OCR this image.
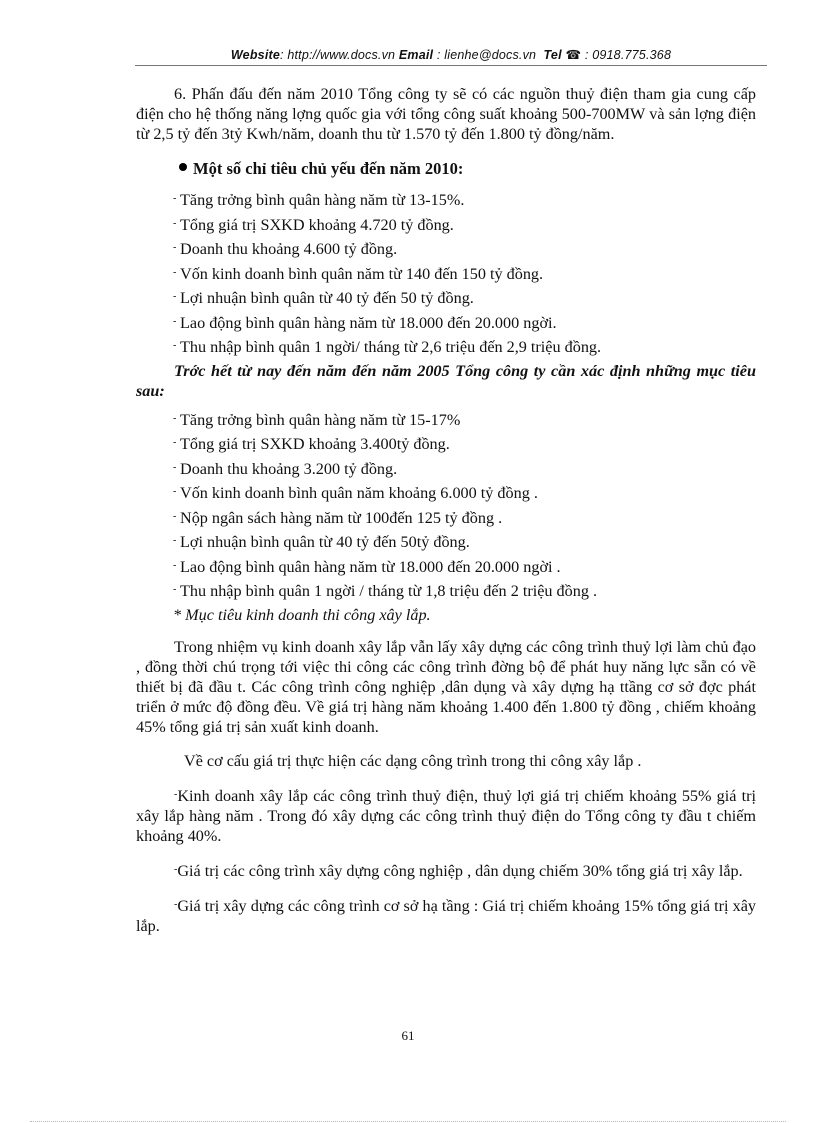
Website: http://www.docs.vn Email : lienhe@docs.vn Tel ☎ : 0918.775.368

6. Phấn đấu đến năm 2010 Tổng công ty sẽ có các nguồn thuỷ điện tham gia cung cấp điện cho hệ thống năng lợng quốc gia với tổng công suất khoảng 500-700MW và sản lợng điện từ 2,5 tỷ đến 3tỷ Kwh/năm, doanh thu từ 1.570 tỷ đến 1.800 tỷ đồng/năm.

Một số chỉ tiêu chủ yếu đến năm 2010:
- Tăng trởng bình quân hàng năm từ 13-15%.
- Tổng giá trị SXKD khoảng 4.720 tỷ đồng.
- Doanh thu khoảng 4.600 tỷ đồng.
- Vốn kinh doanh bình quân năm từ 140 đến 150 tỷ đồng.
- Lợi nhuận bình quân từ 40 tỷ đến 50 tỷ đồng.
- Lao động bình quân hàng năm từ 18.000 đến 20.000 ngời.
- Thu nhập bình quân 1 ngời/ tháng từ 2,6 triệu đến 2,9 triệu đồng.

Trớc hết từ nay đến năm đến năm 2005 Tổng công ty cần xác định những mục tiêu sau:

- Tăng trởng bình quân hàng năm từ 15-17%
- Tổng giá trị SXKD khoảng 3.400tỷ đồng.
- Doanh thu khoảng 3.200 tỷ đồng.
- Vốn kinh doanh bình quân năm khoảng 6.000 tỷ đồng .
- Nộp ngân sách hàng năm từ 100đến 125 tỷ đồng .
- Lợi nhuận bình quân từ 40 tỷ đến 50tỷ đồng.
- Lao động bình quân hàng năm từ 18.000 đến 20.000 ngời .
- Thu nhập bình quân 1 ngời / tháng từ 1,8 triệu đến 2 triệu đồng .
* Mục tiêu kinh doanh thi công xây lắp.

Trong nhiệm vụ kinh doanh xây lắp vẫn lấy xây dựng các công trình thuỷ lợi làm chủ đạo , đồng thời chú trọng tới việc thi công các công trình đờng bộ để phát huy năng lực sẵn có về thiết bị đã đầu t. Các công trình công nghiệp ,dân dụng và xây dựng hạ ttầng cơ sở đợc phát triển ở mức độ đồng đều. Về giá trị hàng năm khoảng 1.400 đến 1.800 tỷ đồng , chiếm khoảng 45% tổng giá trị sản xuất kinh doanh.

Về cơ cấu giá trị thực hiện các dạng công trình trong thi công xây lắp .

-Kinh doanh xây lắp các công trình thuỷ điện, thuỷ lợi giá trị chiếm khoảng 55% giá trị xây lắp hàng năm . Trong đó xây dựng các công trình thuỷ điện do Tổng công ty đầu t chiếm khoảng 40%.

-Giá trị các công trình xây dựng công nghiệp , dân dụng chiếm 30% tổng giá trị xây lắp.

-Giá trị xây dựng các công trình cơ sở hạ tầng : Giá trị chiếm khoảng 15% tổng giá trị xây lắp.

61
